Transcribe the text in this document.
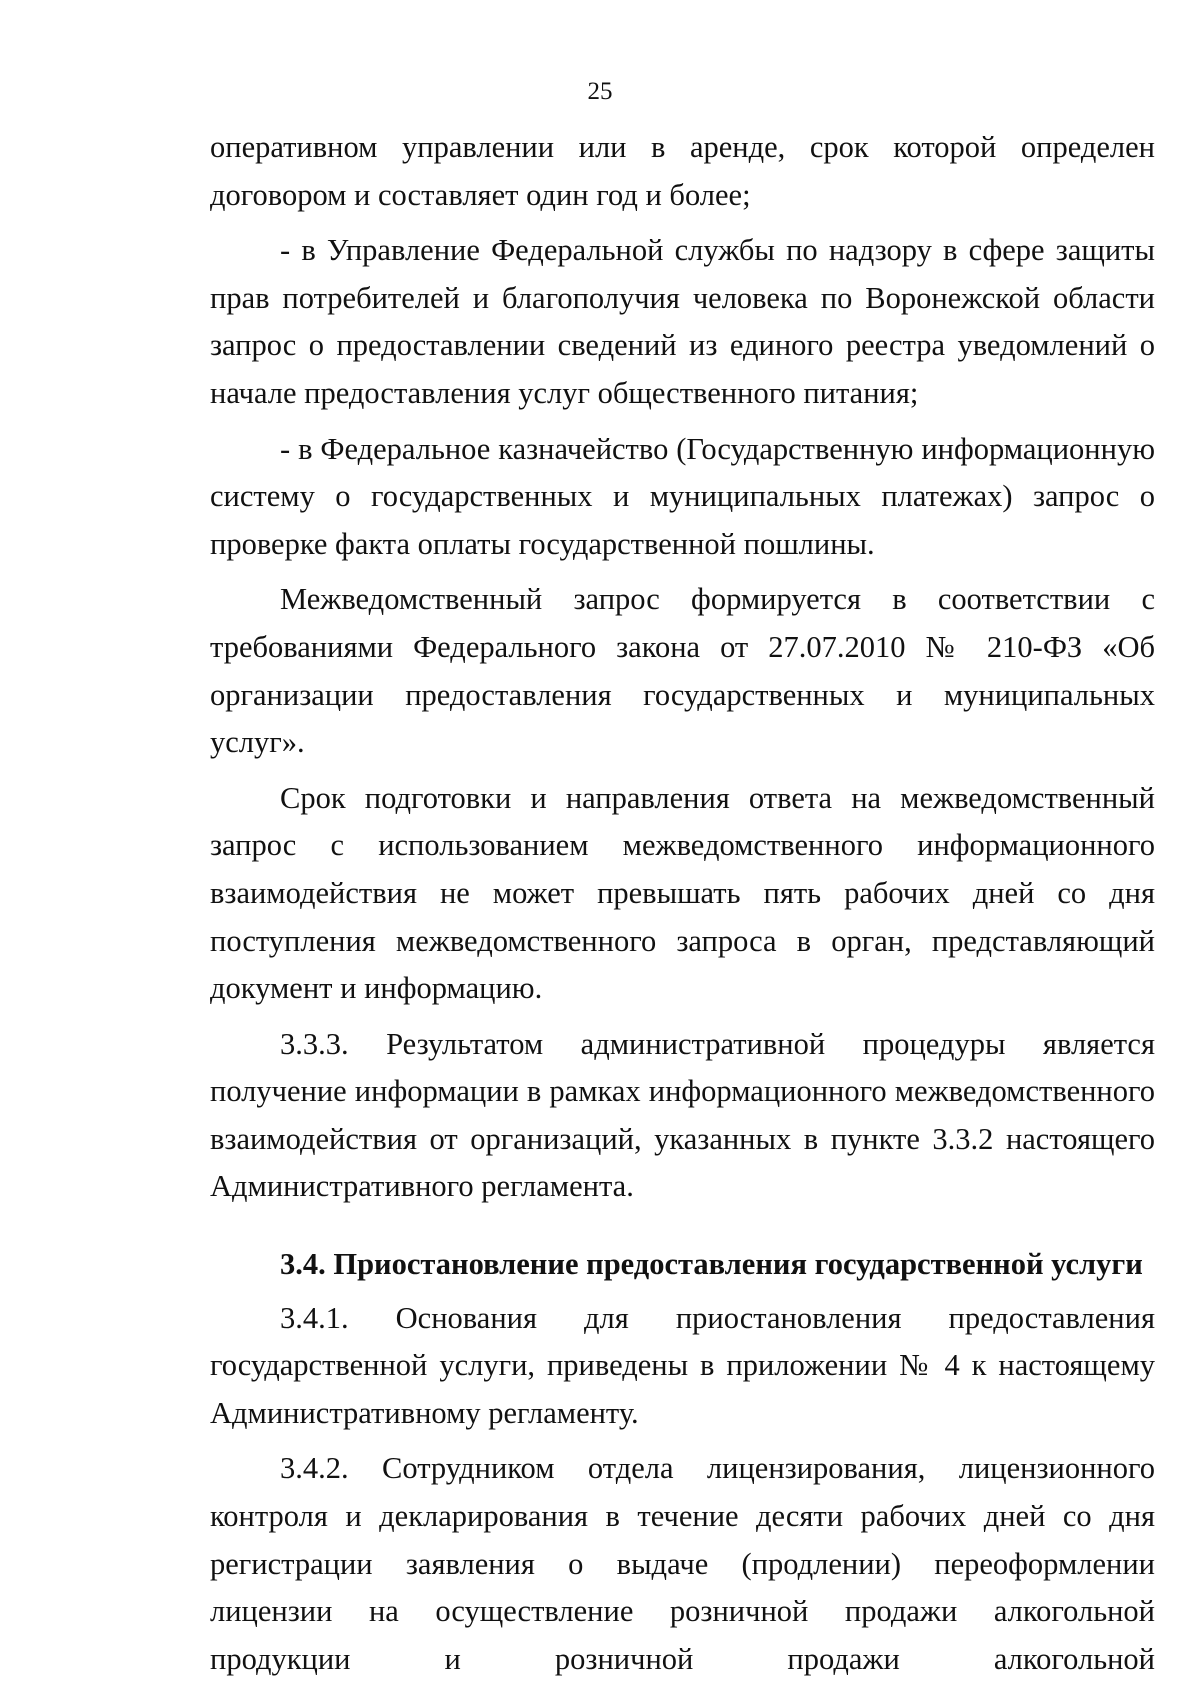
25

оперативном управлении или в аренде, срок которой определен договором и составляет один год и более;

- в Управление Федеральной службы по надзору в сфере защиты прав потребителей и благополучия человека по Воронежской области запрос о предоставлении сведений из единого реестра уведомлений о начале предоставления услуг общественного питания;

- в Федеральное казначейство (Государственную информационную систему о государственных и муниципальных платежах) запрос о проверке факта оплаты государственной пошлины.

Межведомственный запрос формируется в соответствии с требованиями Федерального закона от 27.07.2010 № 210-ФЗ «Об организации предоставления государственных и муниципальных услуг».

Срок подготовки и направления ответа на межведомственный запрос с использованием межведомственного информационного взаимодействия не может превышать пять рабочих дней со дня поступления межведомственного запроса в орган, представляющий документ и информацию.

3.3.3. Результатом административной процедуры является получение информации в рамках информационного межведомственного взаимодействия от организаций, указанных в пункте 3.3.2 настоящего Административного регламента.

3.4. Приостановление предоставления государственной услуги

3.4.1. Основания для приостановления предоставления государственной услуги, приведены в приложении № 4 к настоящему Административному регламенту.

3.4.2. Сотрудником отдела лицензирования, лицензионного контроля и декларирования в течение десяти рабочих дней со дня регистрации заявления о выдаче (продлении) переоформлении лицензии на осуществление розничной продажи алкогольной продукции и розничной продажи алкогольной
